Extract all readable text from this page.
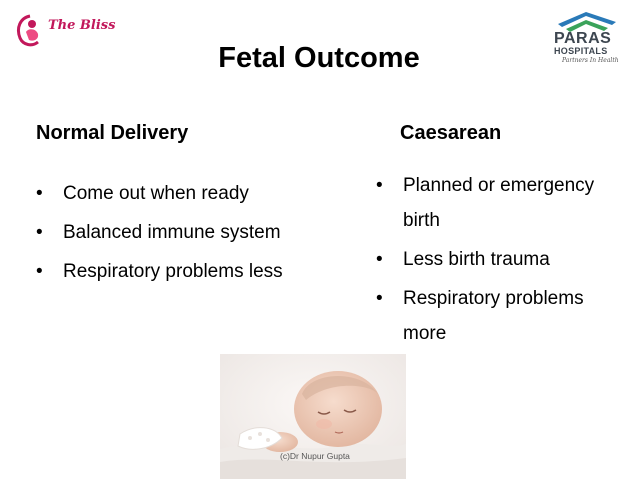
The Bliss
PARAS
HOSPITALS
Partners In Health
Fetal Outcome
Normal Delivery	Caesarean
• Come out when ready
• Balanced immune system
• Respiratory problems less
• Planned or emergency birth
• Less birth trauma
• Respiratory problems more
(c)Dr Nupur Gupta
